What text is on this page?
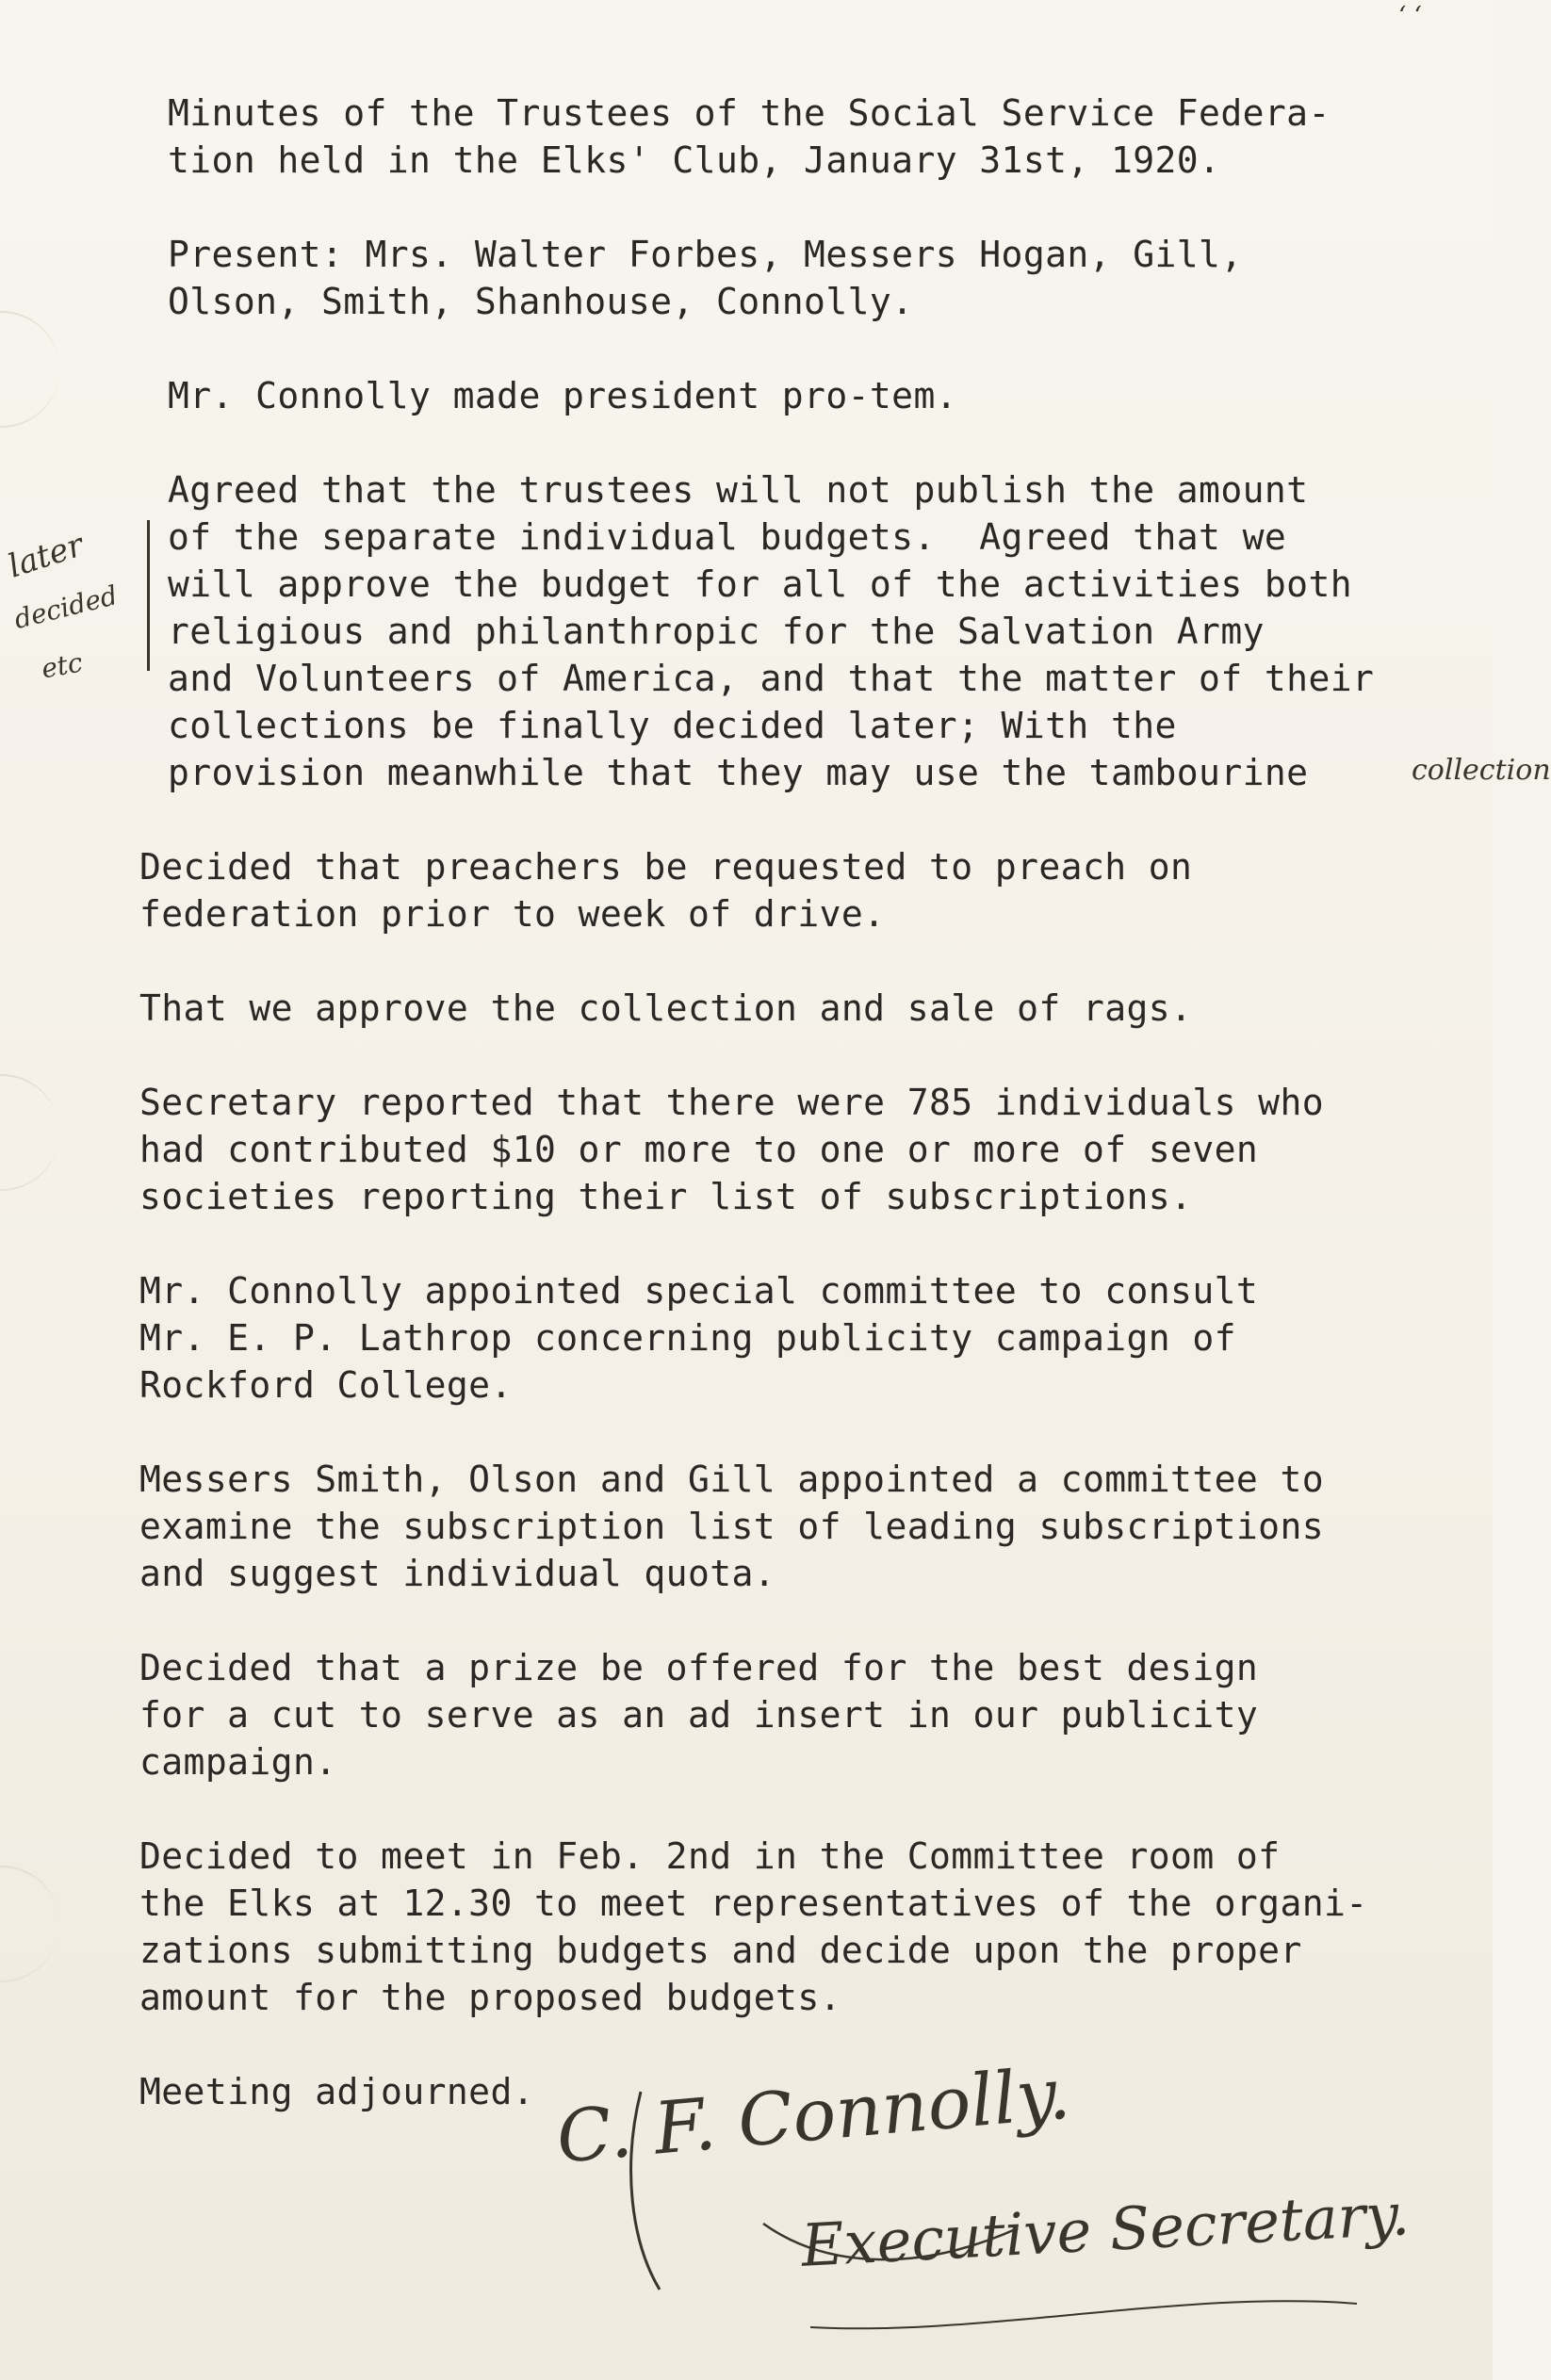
Minutes of the Trustees of the Social Service Federa-
tion held in the Elks' Club, January 31st, 1920.
Present: Mrs. Walter Forbes, Messers Hogan, Gill,
Olson, Smith, Shanhouse, Connolly.
Mr. Connolly made president pro-tem.
Agreed that the trustees will not publish the amount
of the separate individual budgets.  Agreed that we
will approve the budget for all of the activities both
religious and philanthropic for the Salvation Army
and Volunteers of America, and that the matter of their
collections be finally decided later; With the
provision meanwhile that they may use the tambourine
Decided that preachers be requested to preach on
federation prior to week of drive.
That we approve the collection and sale of rags.
Secretary reported that there were 785 individuals who
had contributed $10 or more to one or more of seven
societies reporting their list of subscriptions.
Mr. Connolly appointed special committee to consult
Mr. E. P. Lathrop concerning publicity campaign of
Rockford College.
Messers Smith, Olson and Gill appointed a committee to
examine the subscription list of leading subscriptions
and suggest individual quota.
Decided that a prize be offered for the best design
for a cut to serve as an ad insert in our publicity
campaign.
Decided to meet in Feb. 2nd in the Committee room of
the Elks at 12.30 to meet representatives of the organi-
zations submitting budgets and decide upon the proper
amount for the proposed budgets.
Meeting adjourned.
later
decided
etc
collection
C. F. Connolly.
Executive Secretary.
‘ ‘
